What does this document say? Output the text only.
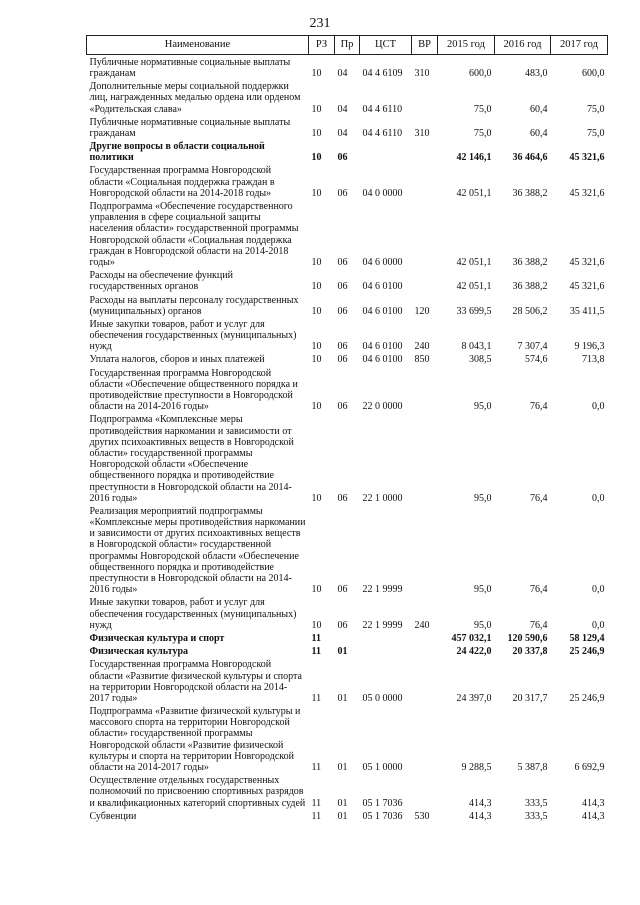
231
Наименование	РЗ	Пр	ЦСТ	ВР	2015 год	2016 год	2017 год
Публичные нормативные социальные выплаты гражданам	10	04	04 4 6109	310	600,0	483,0	600,0
Дополнительные меры социальной поддержки лиц, награжденных медалью ордена или орденом «Родительская слава»	10	04	04 4 6110		75,0	60,4	75,0
Публичные нормативные социальные выплаты гражданам	10	04	04 4 6110	310	75,0	60,4	75,0
Другие вопросы в области социальной политики	10	06			42 146,1	36 464,6	45 321,6
Государственная программа Новгородской области «Социальная поддержка граждан в Новгородской области на 2014-2018 годы»	10	06	04 0 0000		42 051,1	36 388,2	45 321,6
Подпрограмма «Обеспечение государственного управления в сфере социальной защиты населения области» государственной программы Новгородской области «Социальная поддержка граждан в Новгородской области на 2014-2018 годы»	10	06	04 6 0000		42 051,1	36 388,2	45 321,6
Расходы на обеспечение функций государственных органов	10	06	04 6 0100		42 051,1	36 388,2	45 321,6
Расходы на выплаты персоналу государственных (муниципальных) органов	10	06	04 6 0100	120	33 699,5	28 506,2	35 411,5
Иные закупки товаров, работ и услуг для обеспечения государственных (муниципальных) нужд	10	06	04 6 0100	240	8 043,1	7 307,4	9 196,3
Уплата налогов, сборов и иных платежей	10	06	04 6 0100	850	308,5	574,6	713,8
Государственная программа Новгородской области «Обеспечение общественного порядка и противодействие преступности в Новгородской области на 2014-2016 годы»	10	06	22 0 0000		95,0	76,4	0,0
Подпрограмма «Комплексные меры противодействия наркомании и зависимости от других психоактивных веществ в Новгородской области» государственной программы Новгородской области «Обеспечение общественного порядка и противодействие преступности в Новгородской области на 2014-2016 годы»	10	06	22 1 0000		95,0	76,4	0,0
Реализация мероприятий подпрограммы «Комплексные меры противодействия наркомании и зависимости от других психоактивных веществ в Новгородской области» государственной программы Новгородской области «Обеспечение общественного порядка и противодействие преступности в Новгородской области на 2014-2016 годы»	10	06	22 1 9999		95,0	76,4	0,0
Иные закупки товаров, работ и услуг для обеспечения государственных (муниципальных) нужд	10	06	22 1 9999	240	95,0	76,4	0,0
Физическая культура и спорт	11				457 032,1	120 590,6	58 129,4
Физическая культура	11	01			24 422,0	20 337,8	25 246,9
Государственная программа Новгородской области «Развитие физической культуры и спорта на территории Новгородской области на 2014-2017 годы»	11	01	05 0 0000		24 397,0	20 317,7	25 246,9
Подпрограмма «Развитие физической культуры и массового спорта на территории Новгородской области» государственной программы Новгородской области «Развитие физической культуры и спорта на территории Новгородской области на 2014-2017 годы»	11	01	05 1 0000		9 288,5	5 387,8	6 692,9
Осуществление отдельных государственных полномочий по присвоению спортивных разрядов и квалификационных категорий спортивных судей	11	01	05 1 7036		414,3	333,5	414,3
Субвенции	11	01	05 1 7036	530	414,3	333,5	414,3
